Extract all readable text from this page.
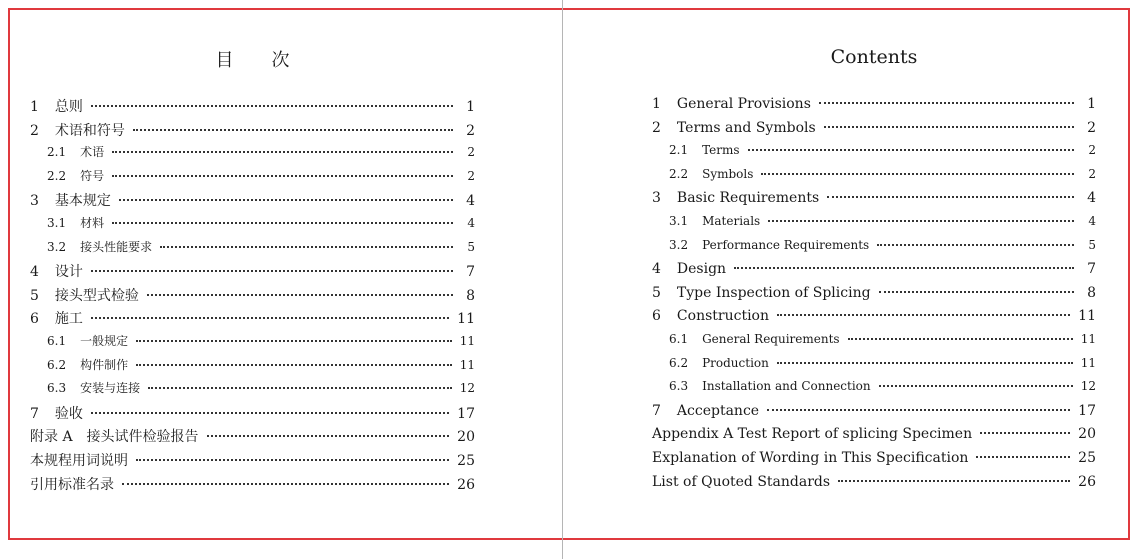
目次
1 总则	1
2 术语和符号	2
2.1 术语	2
2.2 符号	2
3 基本规定	4
3.1 材料	4
3.2 接头性能要求	5
4 设计	7
5 接头型式检验	8
6 施工	11
6.1 一般规定	11
6.2 构件制作	11
6.3 安装与连接	12
7 验收	17
附录 A　接头试件检验报告	20
本规程用词说明	25
引用标准名录	26
Contents
1 General Provisions	1
2 Terms and Symbols	2
2.1 Terms	2
2.2 Symbols	2
3 Basic Requirements	4
3.1 Materials	4
3.2 Performance Requirements	5
4 Design	7
5 Type Inspection of Splicing	8
6 Construction	11
6.1 General Requirements	11
6.2 Production	11
6.3 Installation and Connection	12
7 Acceptance	17
Appendix A Test Report of splicing Specimen	20
Explanation of Wording in This Specification	25
List of Quoted Standards	26
